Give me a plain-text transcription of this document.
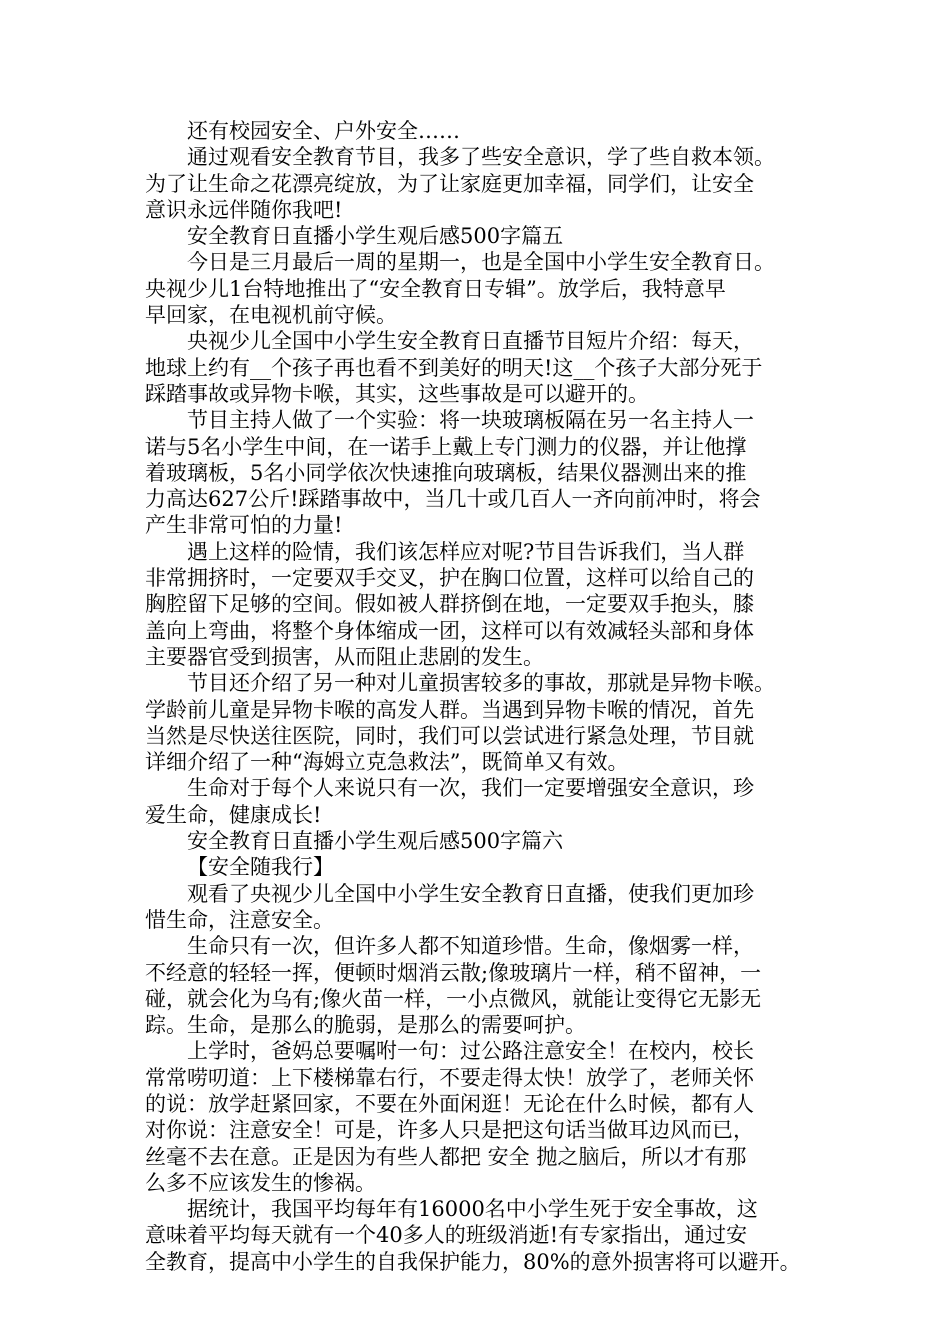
还有校园安全、户外安全……
通过观看安全教育节目，我多了些安全意识，学了些自救本领。
为了让生命之花漂亮绽放，为了让家庭更加幸福，同学们，让安全
意识永远伴随你我吧!
安全教育日直播小学生观后感500字篇五
今日是三月最后一周的星期一，也是全国中小学生安全教育日。
央视少儿1台特地推出了“安全教育日专辑”。放学后，我特意早
早回家，在电视机前守候。
央视少儿全国中小学生安全教育日直播节目短片介绍：每天，
地球上约有__个孩子再也看不到美好的明天!这__个孩子大部分死于
踩踏事故或异物卡喉，其实，这些事故是可以避开的。
节目主持人做了一个实验：将一块玻璃板隔在另一名主持人一
诺与5名小学生中间，在一诺手上戴上专门测力的仪器，并让他撑
着玻璃板，5名小同学依次快速推向玻璃板，结果仪器测出来的推
力高达627公斤!踩踏事故中，当几十或几百人一齐向前冲时，将会
产生非常可怕的力量!
遇上这样的险情，我们该怎样应对呢?节目告诉我们，当人群
非常拥挤时，一定要双手交叉，护在胸口位置，这样可以给自己的
胸腔留下足够的空间。假如被人群挤倒在地，一定要双手抱头，膝
盖向上弯曲，将整个身体缩成一团，这样可以有效减轻头部和身体
主要器官受到损害，从而阻止悲剧的发生。
节目还介绍了另一种对儿童损害较多的事故，那就是异物卡喉。
学龄前儿童是异物卡喉的高发人群。当遇到异物卡喉的情况，首先
当然是尽快送往医院，同时，我们可以尝试进行紧急处理，节目就
详细介绍了一种“海姆立克急救法”，既简单又有效。
生命对于每个人来说只有一次，我们一定要增强安全意识，珍
爱生命，健康成长!
安全教育日直播小学生观后感500字篇六
【安全随我行】
观看了央视少儿全国中小学生安全教育日直播，使我们更加珍
惜生命，注意安全。
生命只有一次，但许多人都不知道珍惜。生命，像烟雾一样，
不经意的轻轻一挥，便顿时烟消云散;像玻璃片一样，稍不留神，一
碰，就会化为乌有;像火苗一样，一小点微风，就能让变得它无影无
踪。生命，是那么的脆弱，是那么的需要呵护。
上学时，爸妈总要嘱咐一句：过公路注意安全！在校内，校长
常常唠叨道：上下楼梯靠右行，不要走得太快！放学了，老师关怀
的说：放学赶紧回家，不要在外面闲逛！无论在什么时候，都有人
对你说：注意安全！可是，许多人只是把这句话当做耳边风而已，
丝毫不去在意。正是因为有些人都把 安全 抛之脑后，所以才有那
么多不应该发生的惨祸。
据统计，我国平均每年有16000名中小学生死于安全事故，这
意味着平均每天就有一个40多人的班级消逝!有专家指出，通过安
全教育，提高中小学生的自我保护能力，80%的意外损害将可以避开。
